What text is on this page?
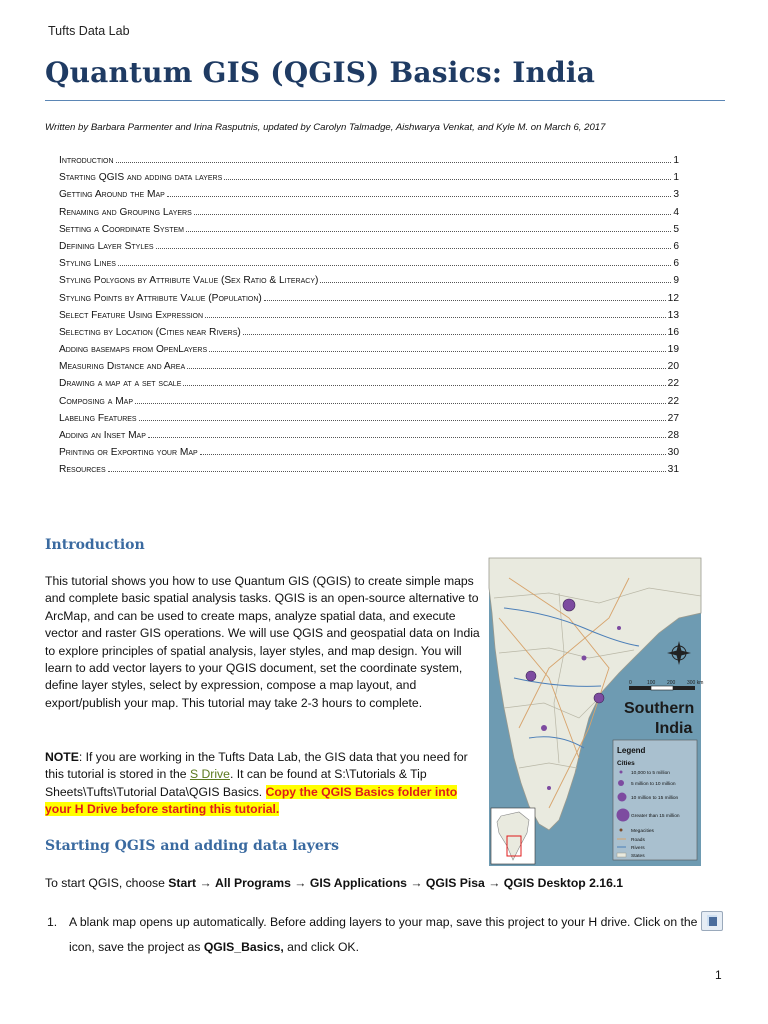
Tufts Data Lab
Quantum GIS (QGIS) Basics: India
Written by Barbara Parmenter and Irina Rasputnis, updated by Carolyn Talmadge, Aishwarya Venkat, and Kyle M. on March 6, 2017
Introduction	1
Starting QGIS and adding data layers	1
Getting Around the Map	3
Renaming and Grouping Layers	4
Setting a Coordinate System	5
Defining Layer Styles	6
Styling Lines	6
Styling Polygons by Attribute Value (Sex Ratio & Literacy)	9
Styling Points by Attribute Value (Population)	12
Select Feature Using Expression	13
Selecting by Location (Cities near Rivers)	16
Adding basemaps from OpenLayers	19
Measuring Distance and Area	20
Drawing a map at a set scale	22
Composing a Map	22
Labeling Features	27
Adding an Inset Map	28
Printing or Exporting your Map	30
Resources	31
Introduction
This tutorial shows you how to use Quantum GIS (QGIS) to create simple maps and complete basic spatial analysis tasks. QGIS is an open-source alternative to ArcMap, and can be used to create maps, analyze spatial data, and execute vector and raster GIS operations. We will use QGIS and geospatial data on India to explore principles of spatial analysis, layer styles, and map design. You will learn to add vector layers to your QGIS document, set the coordinate system, define layer styles, select by expression, compose a map layout, and export/publish your map. This tutorial may take 2-3 hours to complete.
NOTE: If you are working in the Tufts Data Lab, the GIS data that you need for this tutorial is stored in the S Drive. It can be found at S:\Tutorials & Tip Sheets\Tufts\Tutorial Data\QGIS Basics. Copy the QGIS Basics folder into your H Drive before starting this tutorial.
0	100 200 300 km
Southern
India
Legend
Cities
10,000 to 5 million
5 million to 10 million
10 million to 15 million
Greater than 15 million
Megacities
Roads
Rivers
States
Starting QGIS and adding data layers
To start QGIS, choose Start → All Programs → GIS Applications → QGIS Pisa → QGIS Desktop 2.16.1
1. A blank map opens up automatically. Before adding layers to your map, save this project to your H drive. Click on the  icon, save the project as QGIS_Basics, and click OK.
1
